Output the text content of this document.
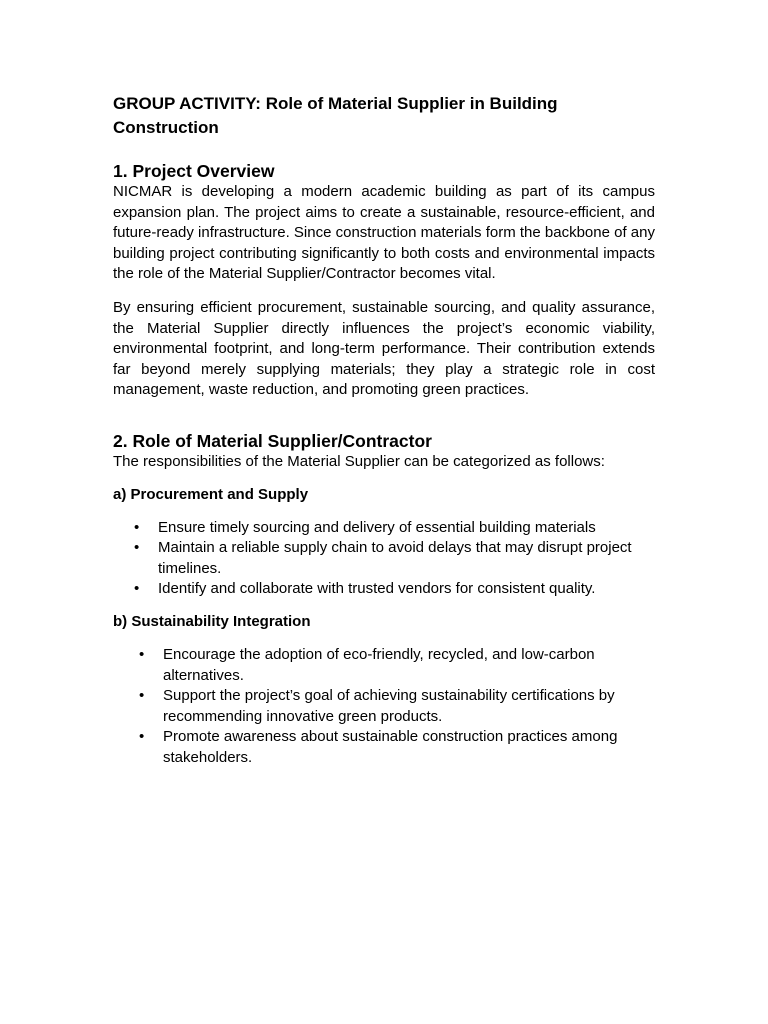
GROUP ACTIVITY: Role of Material Supplier in Building Construction
1. Project Overview

NICMAR is developing a modern academic building as part of its campus expansion plan. The project aims to create a sustainable, resource-efficient, and future-ready infrastructure. Since construction materials form the backbone of any building project contributing significantly to both costs and environmental impacts the role of the Material Supplier/Contractor becomes vital.

By ensuring efficient procurement, sustainable sourcing, and quality assurance, the Material Supplier directly influences the project’s economic viability, environmental footprint, and long-term performance. Their contribution extends far beyond merely supplying materials; they play a strategic role in cost management, waste reduction, and promoting green practices.

2. Role of Material Supplier/Contractor

The responsibilities of the Material Supplier can be categorized as follows:

a) Procurement and Supply
• Ensure timely sourcing and delivery of essential building materials
• Maintain a reliable supply chain to avoid delays that may disrupt project timelines.
• Identify and collaborate with trusted vendors for consistent quality.
b) Sustainability Integration
• Encourage the adoption of eco-friendly, recycled, and low-carbon alternatives.
• Support the project’s goal of achieving sustainability certifications by recommending innovative green products.
• Promote awareness about sustainable construction practices among stakeholders.
